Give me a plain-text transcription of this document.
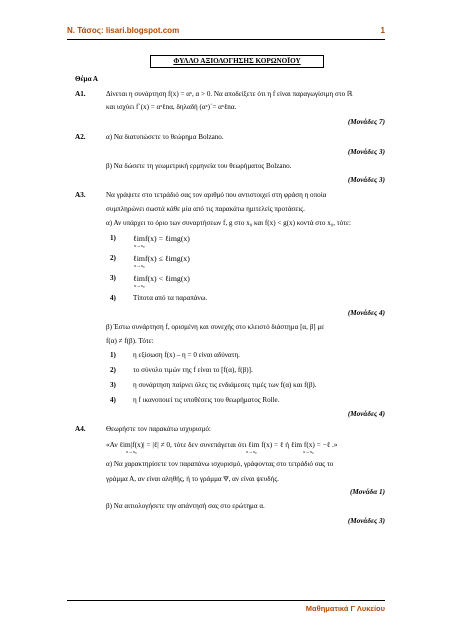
Ν. Τάσος: lisari.blogspot.com	1
ΦΥΛΛΟ ΑΞΙΟΛΟΓΗΣΗΣ ΚΟΡΩΝΟΪΟΥ
Θέμα Α
Α1.	Δίνεται η συνάρτηση f(x) = αˣ, α > 0. Να αποδείξετε ότι η f είναι παραγωγίσιμη στο ℝ
και ισχύει f΄(x) = αˣℓnα, δηλαδή (αˣ)΄= αˣℓnα.
(Μονάδες 7)
Α2.	α) Να διατυπώσετε το θεώρημα Bolzano.
(Μονάδες 3)
β) Να δώσετε τη γεωμετρική ερμηνεία του θεωρήματος Bolzano.
(Μονάδες 3)
Α3.	Να γράψετε στο τετράδιό σας τον αριθμό που αντιστοιχεί στη φράση η οποία
συμπληρώνει σωστά κάθε μία από τις παρακάτω ημιτελείς προτάσεις.
α) Αν υπάρχει το όριο των συναρτήσεων f, g στο x₀ και f(x) < g(x) κοντά στο x₀, τότε:
1) ℓimf(x) = ℓimg(x)
x→x₀
2) ℓimf(x) ≤ ℓimg(x)
x→x₀
3) ℓimf(x) < ℓimg(x)
x→x₀
4) Τίποτα από τα παραπάνω.
(Μονάδες 4)
β) Έστω συνάρτηση f, ορισμένη και συνεχής στο κλειστό διάστημα [α, β] με
f(α) ≠ f(β). Τότε:
1) η εξίσωση f(x) – η = 0 είναι αδύνατη.
2) το σύνολο τιμών της f είναι το [f(α), f(β)].
3) η συνάρτηση παίρνει όλες τις ενδιάμεσες τιμές των f(α) και f(β).
4) η f ικανοποιεί τις υποθέσεις του θεωρήματος Rolle.
(Μονάδες 4)
Α4.	Θεωρήστε τον παρακάτω ισχυρισμό:
«Αν ℓim|f(x)| = |ℓ| ≠ 0, τότε δεν συνεπάγεται ότι ℓim f(x) = ℓ ή ℓim f(x) = −ℓ .»
x→x₀	x→x₀	x→x₀
α) Να χαρακτηρίσετε τον παραπάνω ισχυρισμό, γράφοντας στο τετράδιό σας το
γράμμα Α, αν είναι αληθής, ή το γράμμα Ψ, αν είναι ψευδής.
(Μονάδα 1)
β) Να αιτιολογήσετε την απάντησή σας στο ερώτημα α.
(Μονάδες 3)
Μαθηματικά Γ Λυκείου
